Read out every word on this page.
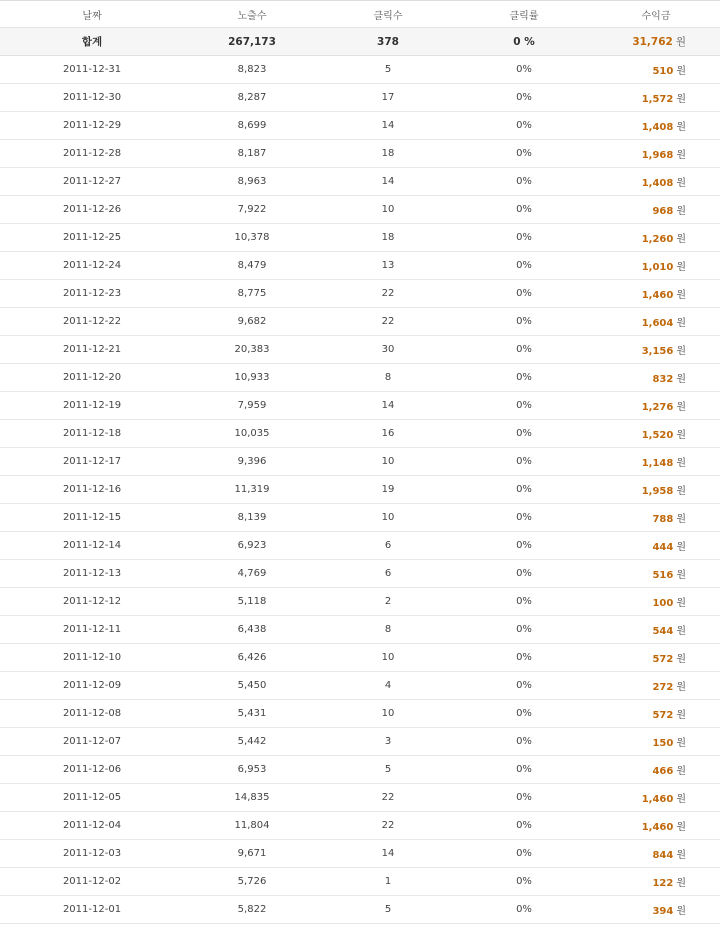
날짜	노출수	클릭수	클릭률	수익금
합계	267,173	378	0 %	31,762 원
2011-12-31	8,823	5	0%	510 원
2011-12-30	8,287	17	0%	1,572 원
2011-12-29	8,699	14	0%	1,408 원
2011-12-28	8,187	18	0%	1,968 원
2011-12-27	8,963	14	0%	1,408 원
2011-12-26	7,922	10	0%	968 원
2011-12-25	10,378	18	0%	1,260 원
2011-12-24	8,479	13	0%	1,010 원
2011-12-23	8,775	22	0%	1,460 원
2011-12-22	9,682	22	0%	1,604 원
2011-12-21	20,383	30	0%	3,156 원
2011-12-20	10,933	8	0%	832 원
2011-12-19	7,959	14	0%	1,276 원
2011-12-18	10,035	16	0%	1,520 원
2011-12-17	9,396	10	0%	1,148 원
2011-12-16	11,319	19	0%	1,958 원
2011-12-15	8,139	10	0%	788 원
2011-12-14	6,923	6	0%	444 원
2011-12-13	4,769	6	0%	516 원
2011-12-12	5,118	2	0%	100 원
2011-12-11	6,438	8	0%	544 원
2011-12-10	6,426	10	0%	572 원
2011-12-09	5,450	4	0%	272 원
2011-12-08	5,431	10	0%	572 원
2011-12-07	5,442	3	0%	150 원
2011-12-06	6,953	5	0%	466 원
2011-12-05	14,835	22	0%	1,460 원
2011-12-04	11,804	22	0%	1,460 원
2011-12-03	9,671	14	0%	844 원
2011-12-02	5,726	1	0%	122 원
2011-12-01	5,822	5	0%	394 원
